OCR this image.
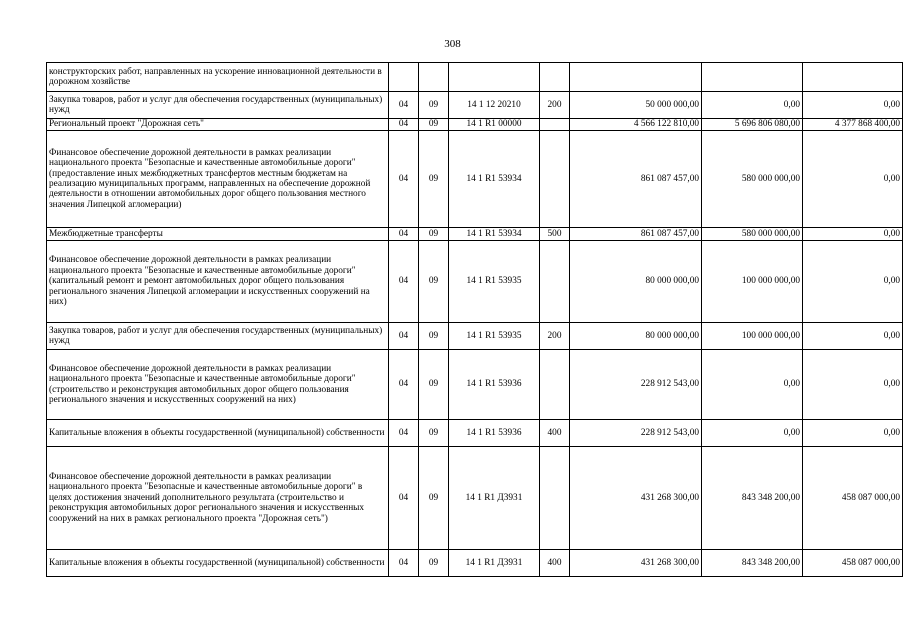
308
конструкторских работ, направленных на ускорение инновационной деятельности в дорожном хозяйстве							
Закупка товаров, работ и услуг для обеспечения государственных (муниципальных) нужд	04	09	14 1 12 20210	200	50 000 000,00	0,00	0,00
Региональный проект "Дорожная сеть"	04	09	14 1 R1 00000		4 566 122 810,00	5 696 806 080,00	4 377 868 400,00
Финансовое обеспечение дорожной деятельности в рамках реализации национального проекта "Безопасные и качественные автомобильные дороги" (предоставление иных межбюджетных трансфертов местным бюджетам на реализацию муниципальных программ, направленных на обеспечение дорожной деятельности в отношении автомобильных дорог общего пользования местного значения Липецкой агломерации)	04	09	14 1 R1 53934		861 087 457,00	580 000 000,00	0,00
Межбюджетные трансферты	04	09	14 1 R1 53934	500	861 087 457,00	580 000 000,00	0,00
Финансовое обеспечение дорожной деятельности в рамках реализации национального проекта "Безопасные и качественные автомобильные дороги" (капитальный ремонт и ремонт автомобильных дорог общего пользования регионального значения Липецкой агломерации и искусственных сооружений на них)	04	09	14 1 R1 53935		80 000 000,00	100 000 000,00	0,00
Закупка товаров, работ и услуг для обеспечения государственных (муниципальных) нужд	04	09	14 1 R1 53935	200	80 000 000,00	100 000 000,00	0,00
Финансовое обеспечение дорожной деятельности в рамках реализации национального проекта "Безопасные и качественные автомобильные дороги" (строительство и реконструкция автомобильных дорог общего пользования регионального значения и искусственных сооружений на них)	04	09	14 1 R1 53936		228 912 543,00	0,00	0,00
Капитальные вложения в объекты государственной (муниципальной) собственности	04	09	14 1 R1 53936	400	228 912 543,00	0,00	0,00
Финансовое обеспечение дорожной деятельности в рамках реализации национального проекта "Безопасные и качественные автомобильные дороги" в целях достижения значений дополнительного результата (строительство и реконструкция автомобильных дорог регионального значения и искусственных сооружений на них в рамках регионального проекта "Дорожная сеть")	04	09	14 1 R1 Д3931		431 268 300,00	843 348 200,00	458 087 000,00
Капитальные вложения в объекты государственной (муниципальной) собственности	04	09	14 1 R1 Д3931	400	431 268 300,00	843 348 200,00	458 087 000,00
